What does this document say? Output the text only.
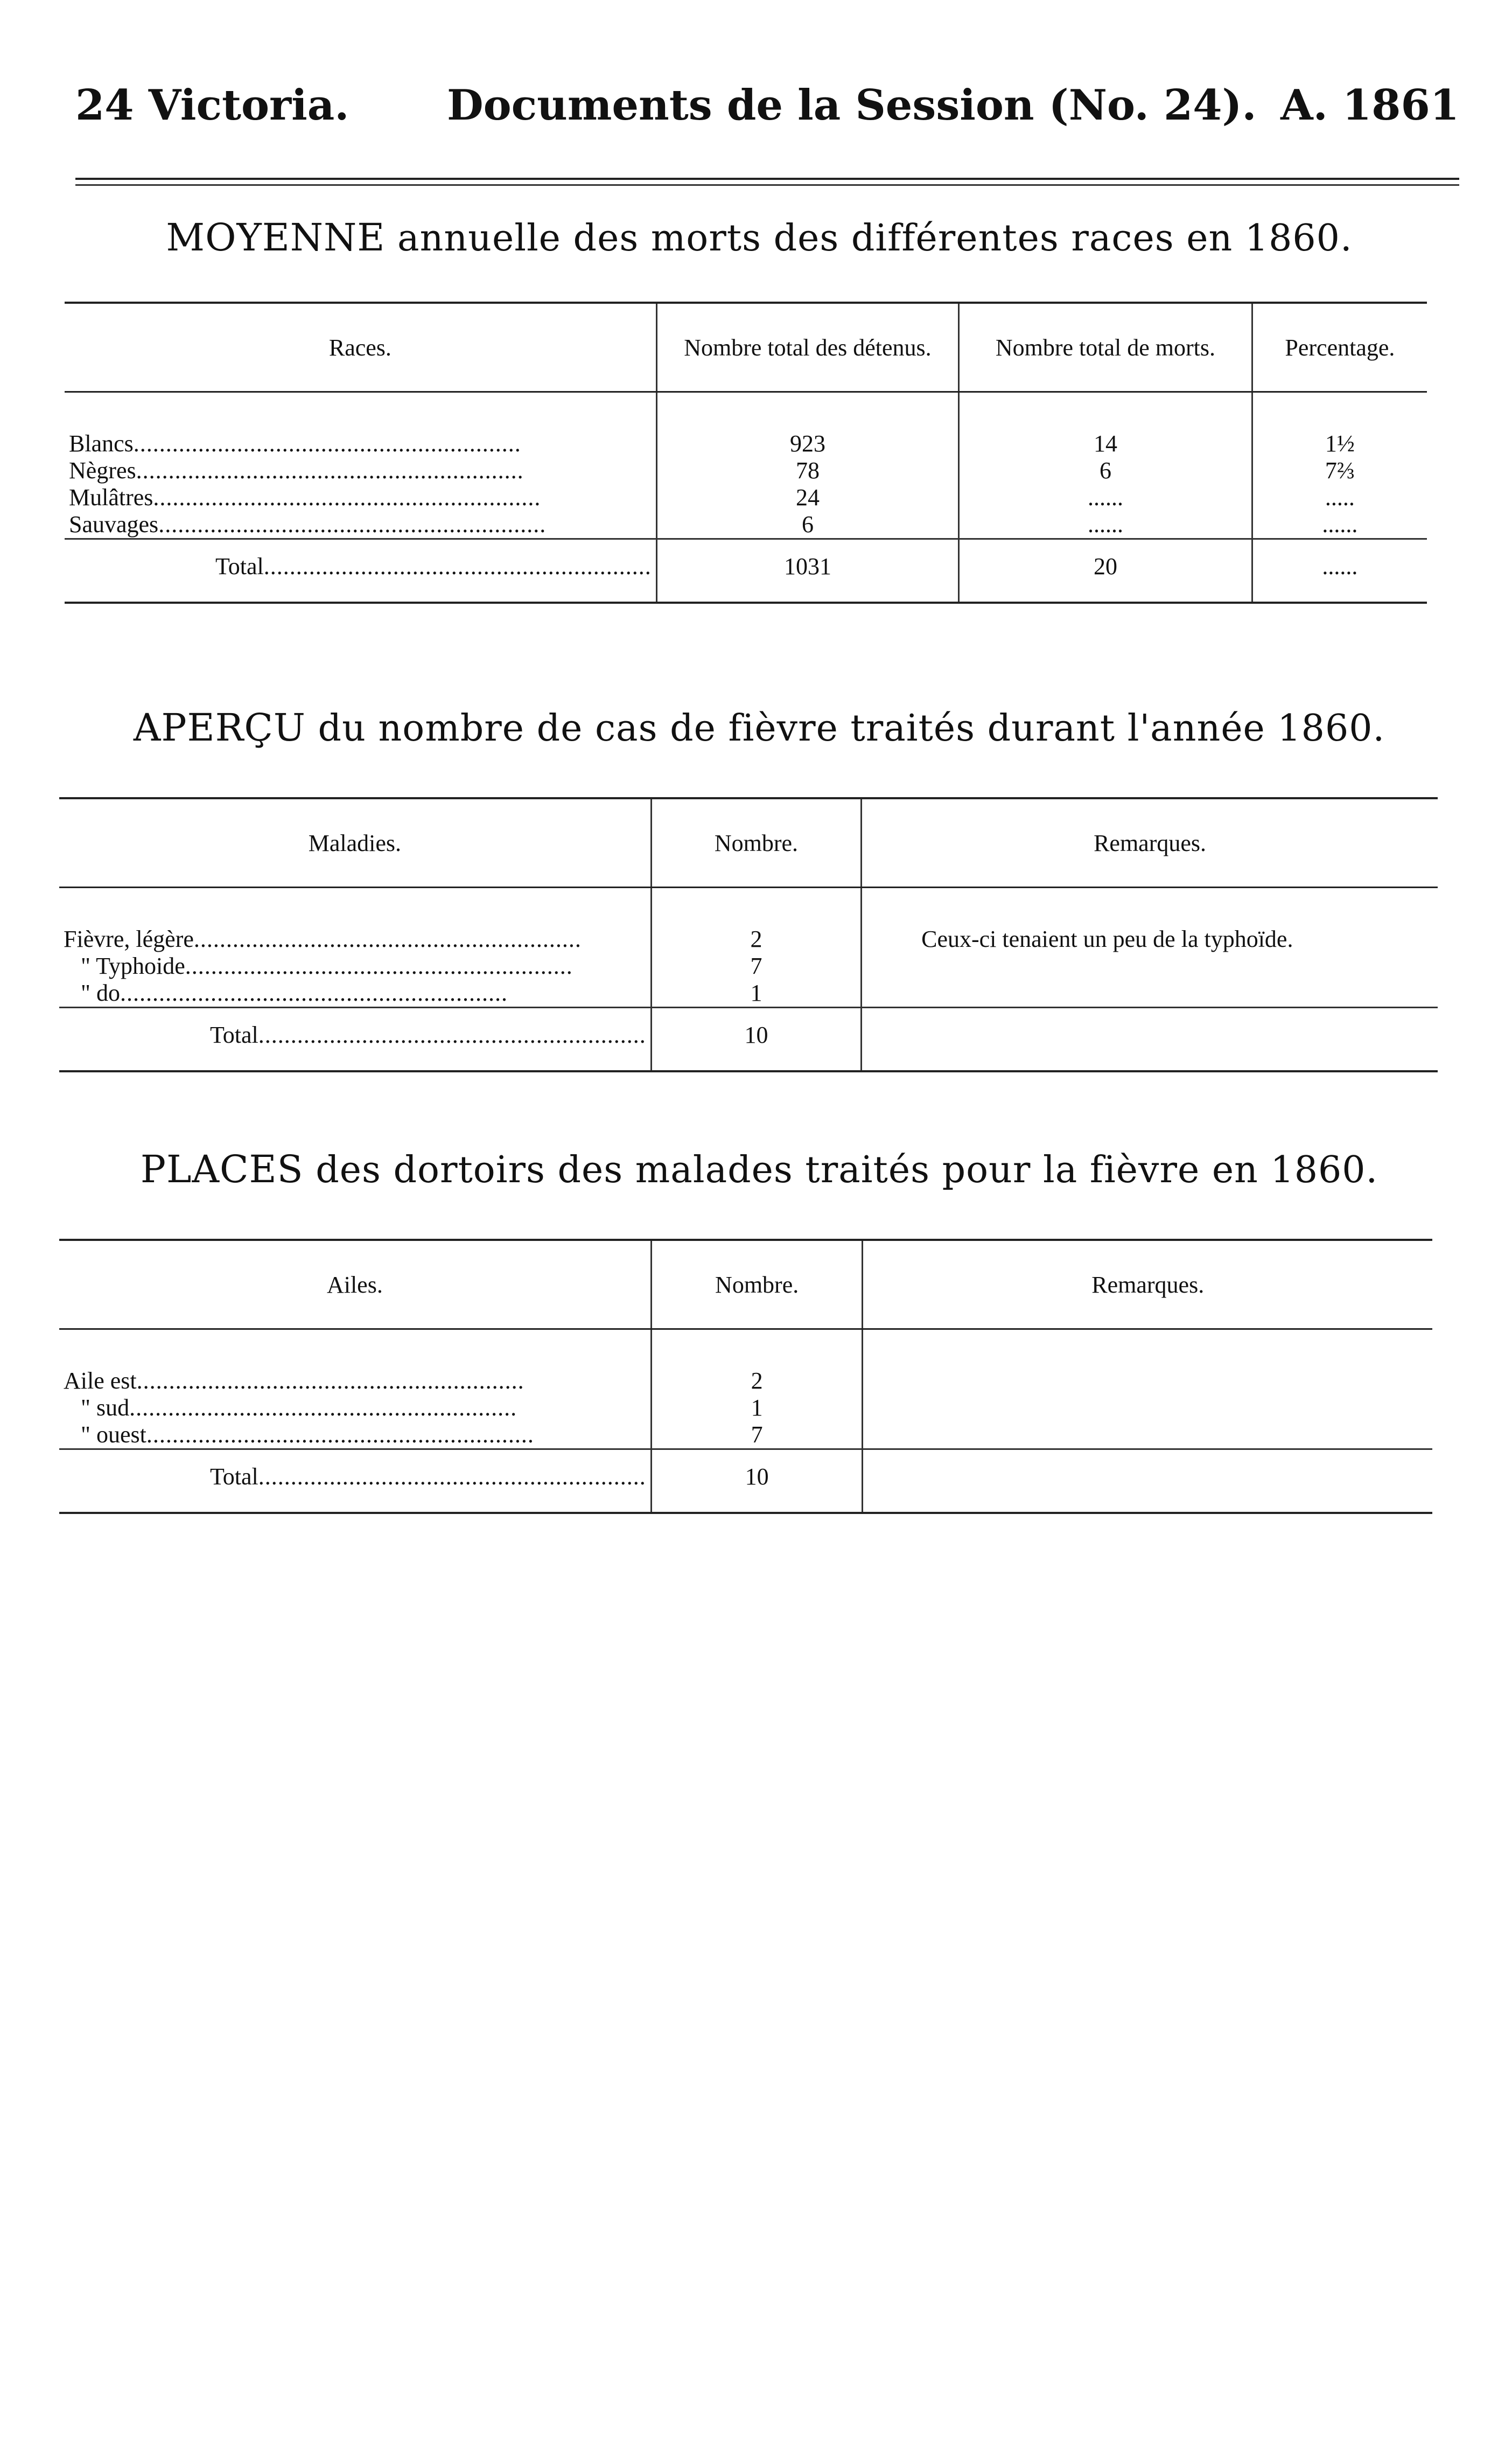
24 Victoria. Documents de la Session (No. 24). A. 1861
MOYENNE annuelle des morts des différentes races en 1860.
Races.	Nombre total des détenus.	Nombre total de morts.	Percentage.
Blancs............................................................	923	14	1½
Nègres............................................................	78	6	7⅔
Mulâtres............................................................	24	......	.....
Sauvages............................................................	6	......	......
Total............................................................	1031	20	......
APERÇU du nombre de cas de fièvre traités durant l'année 1860.
Maladies.	Nombre.	Remarques.
Fièvre, légère............................................................	2	Ceux-ci tenaient un peu de la typhoïde.
" Typhoide............................................................	7	
" do............................................................	1	
Total............................................................	10	
PLACES des dortoirs des malades traités pour la fièvre en 1860.
Ailes.	Nombre.	Remarques.
Aile est............................................................	2	
" sud............................................................	1	
" ouest............................................................	7	
Total............................................................	10	
